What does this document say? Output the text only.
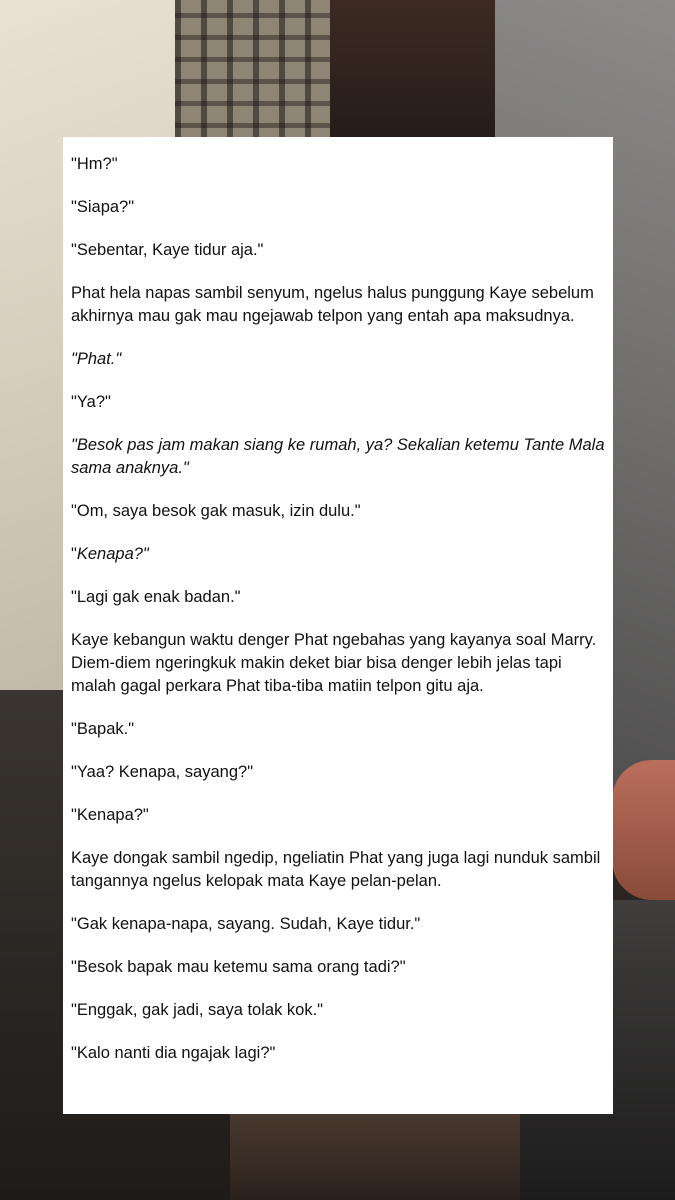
"Hm?"

"Siapa?"

"Sebentar, Kaye tidur aja."

Phat hela napas sambil senyum, ngelus halus punggung Kaye sebelum akhirnya mau gak mau ngejawab telpon yang entah apa maksudnya.

"Phat."

"Ya?"

"Besok pas jam makan siang ke rumah, ya? Sekalian ketemu Tante Mala sama anaknya."

"Om, saya besok gak masuk, izin dulu."

"Kenapa?"

"Lagi gak enak badan."

Kaye kebangun waktu denger Phat ngebahas yang kayanya soal Marry. Diem-diem ngeringkuk makin deket biar bisa denger lebih jelas tapi malah gagal perkara Phat tiba-tiba matiin telpon gitu aja.

"Bapak."

"Yaa? Kenapa, sayang?"

"Kenapa?"

Kaye dongak sambil ngedip, ngeliatin Phat yang juga lagi nunduk sambil tangannya ngelus kelopak mata Kaye pelan-pelan.

"Gak kenapa-napa, sayang. Sudah, Kaye tidur."

"Besok bapak mau ketemu sama orang tadi?"

"Enggak, gak jadi, saya tolak kok."

"Kalo nanti dia ngajak lagi?"
